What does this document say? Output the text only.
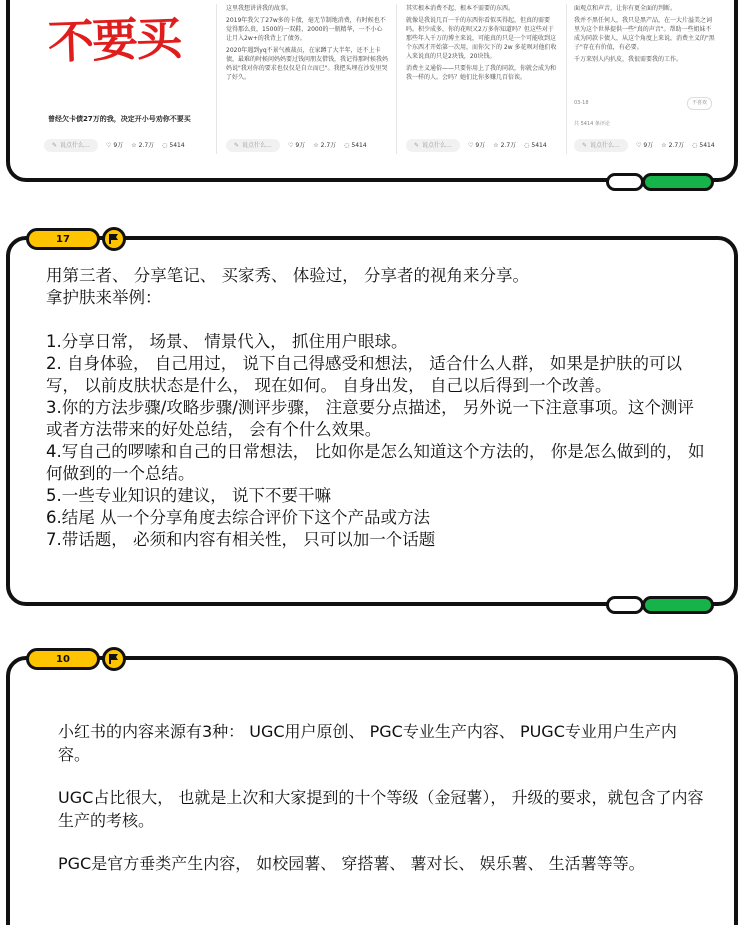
不要买
曾经欠卡债27万的我，决定开小号劝你不要买
✎ 说点什么...	♡ 9万 ☆ 2.7万 ◌ 5414

这里我想讲讲我的故事。

2019年我欠了27w多的卡债，毫无节制地消费，有时候也不觉得那么贵，1500的一双鞋，2000的一瓶精华，一不小心让月入2w+的我背上了债务。

2020年遇到yq不景气被裁员，在家蹲了大半年，还不上卡债，最难的时候问妈妈要过钱问朋友借钱，我记得那时候我妈妈说"我对你的要求也仅仅是自立而已"。我把头埋在沙发里哭了好久。

✎ 说点什么...	♡ 9万 ☆ 2.7万 ◌ 5414

其实根本消费不起、根本不需要的东西。

就像是我说几百一千的东西你看似买得起，但真的需要吗。积少成多，你的花呗又2万多你知道吗？但这些对于那些年入千万的博主来说，可能真的只是一个可能收到这个东西才开始第一次用，而你欠下的 2w 多花呗对他们收入来说真的只是2块钱，20块钱。

消费主义通俗——只要你用上了我的同款，你就会成为和我一样的人。会吗？她们比你多赚几百倍诶。

✎ 说点什么...	♡ 9万 ☆ 2.7万 ◌ 5414

面观点和声音，让你有更全面的判断。

我并不黑任何人，我只是黑产品，在一大片溢美之词里为这个世界提供一些"真的声音"。帮助一些姐妹不成为同款卡债人，从这个角度上来说，消费主义的"黑子"存在有价值，有必要。

千万来别人内扒皮，我很需要我的工作。

03-18	不喜欢
共 5414 条评论
✎ 说点什么...	♡ 9万 ☆ 2.7万 ◌ 5414
17

用第三者、 分享笔记、 买家秀、 体验过， 分享者的视角来分享。

拿护肤来举例：

1.分享日常， 场景、 情景代入， 抓住用户眼球。

2. 自身体验， 自己用过， 说下自己得感受和想法， 适合什么人群， 如果是护肤的可以写， 以前皮肤状态是什么， 现在如何。 自身出发， 自己以后得到一个改善。

3.你的方法步骤/攻略步骤/测评步骤， 注意要分点描述， 另外说一下注意事项。这个测评或者方法带来的好处总结， 会有个什么效果。

4.写自己的啰嗦和自己的日常想法， 比如你是怎么知道这个方法的， 你是怎么做到的， 如何做到的一个总结。

5.一些专业知识的建议， 说下不要干嘛

6.结尾 从一个分享角度去综合评价下这个产品或方法

7.带话题， 必须和内容有相关性， 只可以加一个话题

10

小红书的内容来源有3种： UGC用户原创、 PGC专业生产内容、 PUGC专业用户生产内容。

UGC占比很大， 也就是上次和大家提到的十个等级（金冠薯）， 升级的要求，就包含了内容生产的考核。

PGC是官方垂类产生内容， 如校园薯、 穿搭薯、 薯对长、 娱乐薯、 生活薯等等。
